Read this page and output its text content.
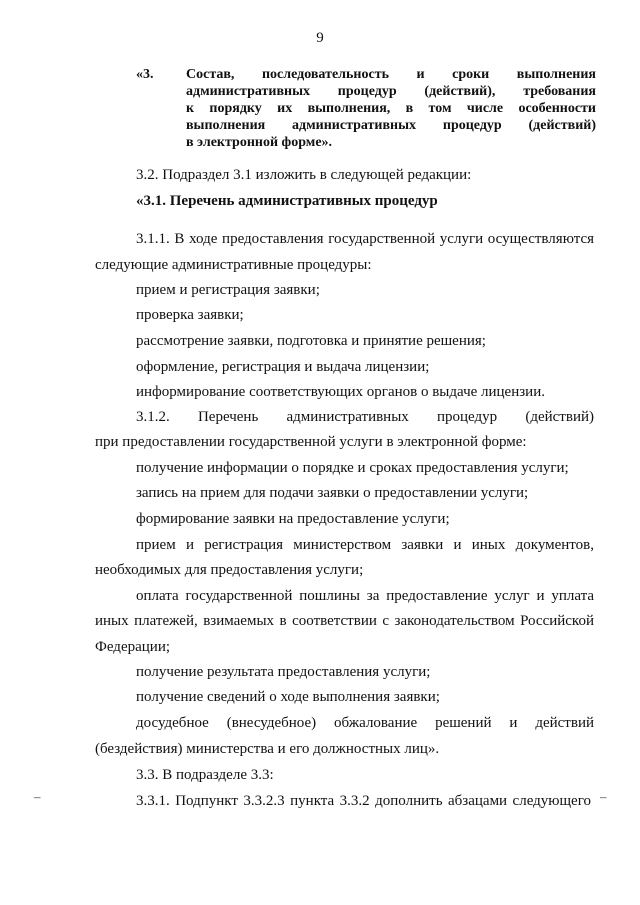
9
«3. Состав, последовательность и сроки выполнения
административных процедур (действий), требования
к порядку их выполнения, в том числе особенности
выполнения административных процедур (действий)
в электронной форме».
3.2. Подраздел 3.1 изложить в следующей редакции:
«3.1. Перечень административных процедур
3.1.1. В ходе предоставления государственной услуги осуществляются
следующие административные процедуры:
прием и регистрация заявки;
проверка заявки;
рассмотрение заявки, подготовка и принятие решения;
оформление, регистрация и выдача лицензии;
информирование соответствующих органов о выдаче лицензии.
3.1.2. Перечень административных процедур (действий)
при предоставлении государственной услуги в электронной форме:
получение информации о порядке и сроках предоставления услуги;
запись на прием для подачи заявки о предоставлении услуги;
формирование заявки на предоставление услуги;
прием и регистрация министерством заявки и иных документов,
необходимых для предоставления услуги;
оплата государственной пошлины за предоставление услуг и уплата
иных платежей, взимаемых в соответствии с законодательством Российской
Федерации;
получение результата предоставления услуги;
получение сведений о ходе выполнения заявки;
досудебное (внесудебное) обжалование решений и действий
(бездействия) министерства и его должностных лиц».
3.3. В подразделе 3.3:
3.3.1. Подпункт 3.3.2.3 пункта 3.3.2 дополнить абзацами следующего
–	–
